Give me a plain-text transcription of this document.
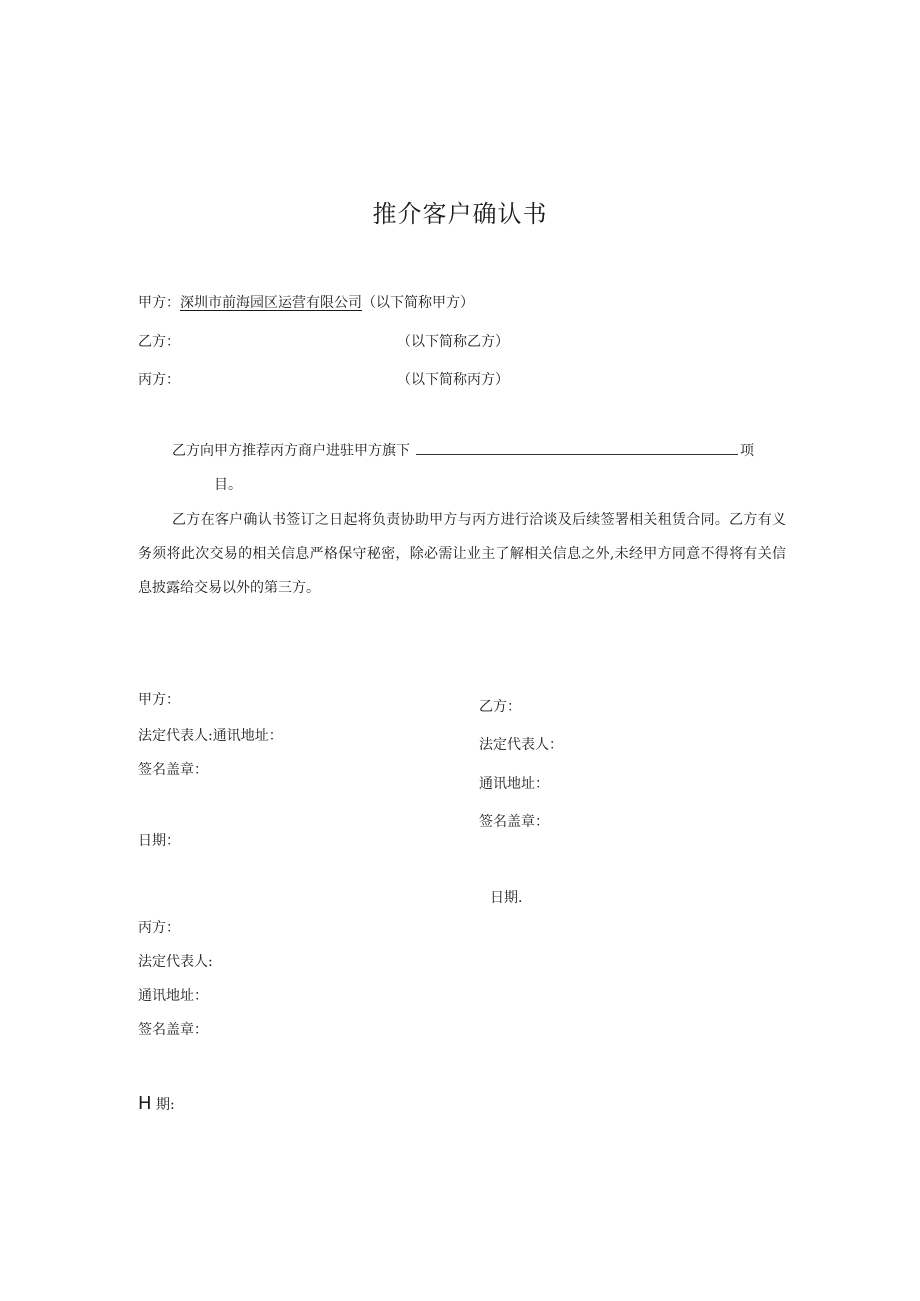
推介客户确认书
甲方：深圳市前海园区运营有限公司（以下简称甲方）
乙方：	（以下简称乙方）
丙方：	（以下简称丙方）
乙方向甲方推荐丙方商户进驻甲方旗下	项
目。
乙方在客户确认书签订之日起将负责协助甲方与丙方进行洽谈及后续签署相关租赁合同。乙方有义务须将此次交易的相关信息严格保守秘密，除必需让业主了解相关信息之外,未经甲方同意不得将有关信息披露给交易以外的第三方。
甲方：
法定代表人:通讯地址：
签名盖章：
日期：
乙方：
法定代表人：
通讯地址：
签名盖章：
日期.
丙方：
法定代表人:
通讯地址：
签名盖章：
H 期:
